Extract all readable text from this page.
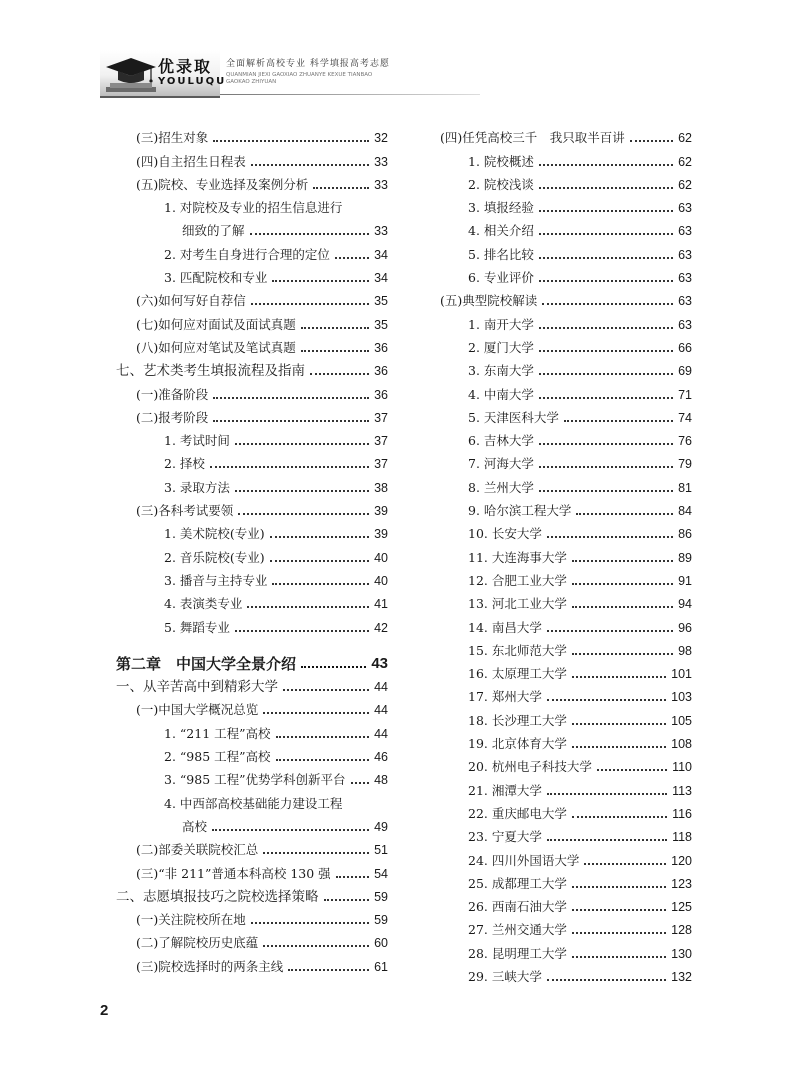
优录取
YOULUQU
全面解析高校专业 科学填报高考志愿
QUANMIAN JIEXI GAOXIAO ZHUANYE KEXUE TIANBAO GAOKAO ZHIYUAN
(三)招生对象	32
(四)自主招生日程表	33
(五)院校、专业选择及案例分析	33
1. 对院校及专业的招生信息进行
细致的了解	33
2. 对考生自身进行合理的定位	34
3. 匹配院校和专业	34
(六)如何写好自荐信	35
(七)如何应对面试及面试真题	35
(八)如何应对笔试及笔试真题	36
七、艺术类考生填报流程及指南	36
(一)准备阶段	36
(二)报考阶段	37
1. 考试时间	37
2. 择校	37
3. 录取方法	38
(三)各科考试要领	39
1. 美术院校(专业)	39
2. 音乐院校(专业)	40
3. 播音与主持专业	40
4. 表演类专业	41
5. 舞蹈专业	42
第二章　中国大学全景介绍	43
一、从辛苦高中到精彩大学	44
(一)中国大学概况总览	44
1. “211 工程”高校	44
2. “985 工程”高校	46
3. “985 工程”优势学科创新平台	48
4. 中西部高校基础能力建设工程
高校	49
(二)部委关联院校汇总	51
(三)“非 211”普通本科高校 130 强	54
二、志愿填报技巧之院校选择策略	59
(一)关注院校所在地	59
(二)了解院校历史底蕴	60
(三)院校选择时的两条主线	61
(四)任凭高校三千　我只取半百讲	62
1. 院校概述	62
2. 院校浅谈	62
3. 填报经验	63
4. 相关介绍	63
5. 排名比较	63
6. 专业评价	63
(五)典型院校解读	63
1. 南开大学	63
2. 厦门大学	66
3. 东南大学	69
4. 中南大学	71
5. 天津医科大学	74
6. 吉林大学	76
7. 河海大学	79
8. 兰州大学	81
9. 哈尔滨工程大学	84
10. 长安大学	86
11. 大连海事大学	89
12. 合肥工业大学	91
13. 河北工业大学	94
14. 南昌大学	96
15. 东北师范大学	98
16. 太原理工大学	101
17. 郑州大学	103
18. 长沙理工大学	105
19. 北京体育大学	108
20. 杭州电子科技大学	110
21. 湘潭大学	113
22. 重庆邮电大学	116
23. 宁夏大学	118
24. 四川外国语大学	120
25. 成都理工大学	123
26. 西南石油大学	125
27. 兰州交通大学	128
28. 昆明理工大学	130
29. 三峡大学	132
2
